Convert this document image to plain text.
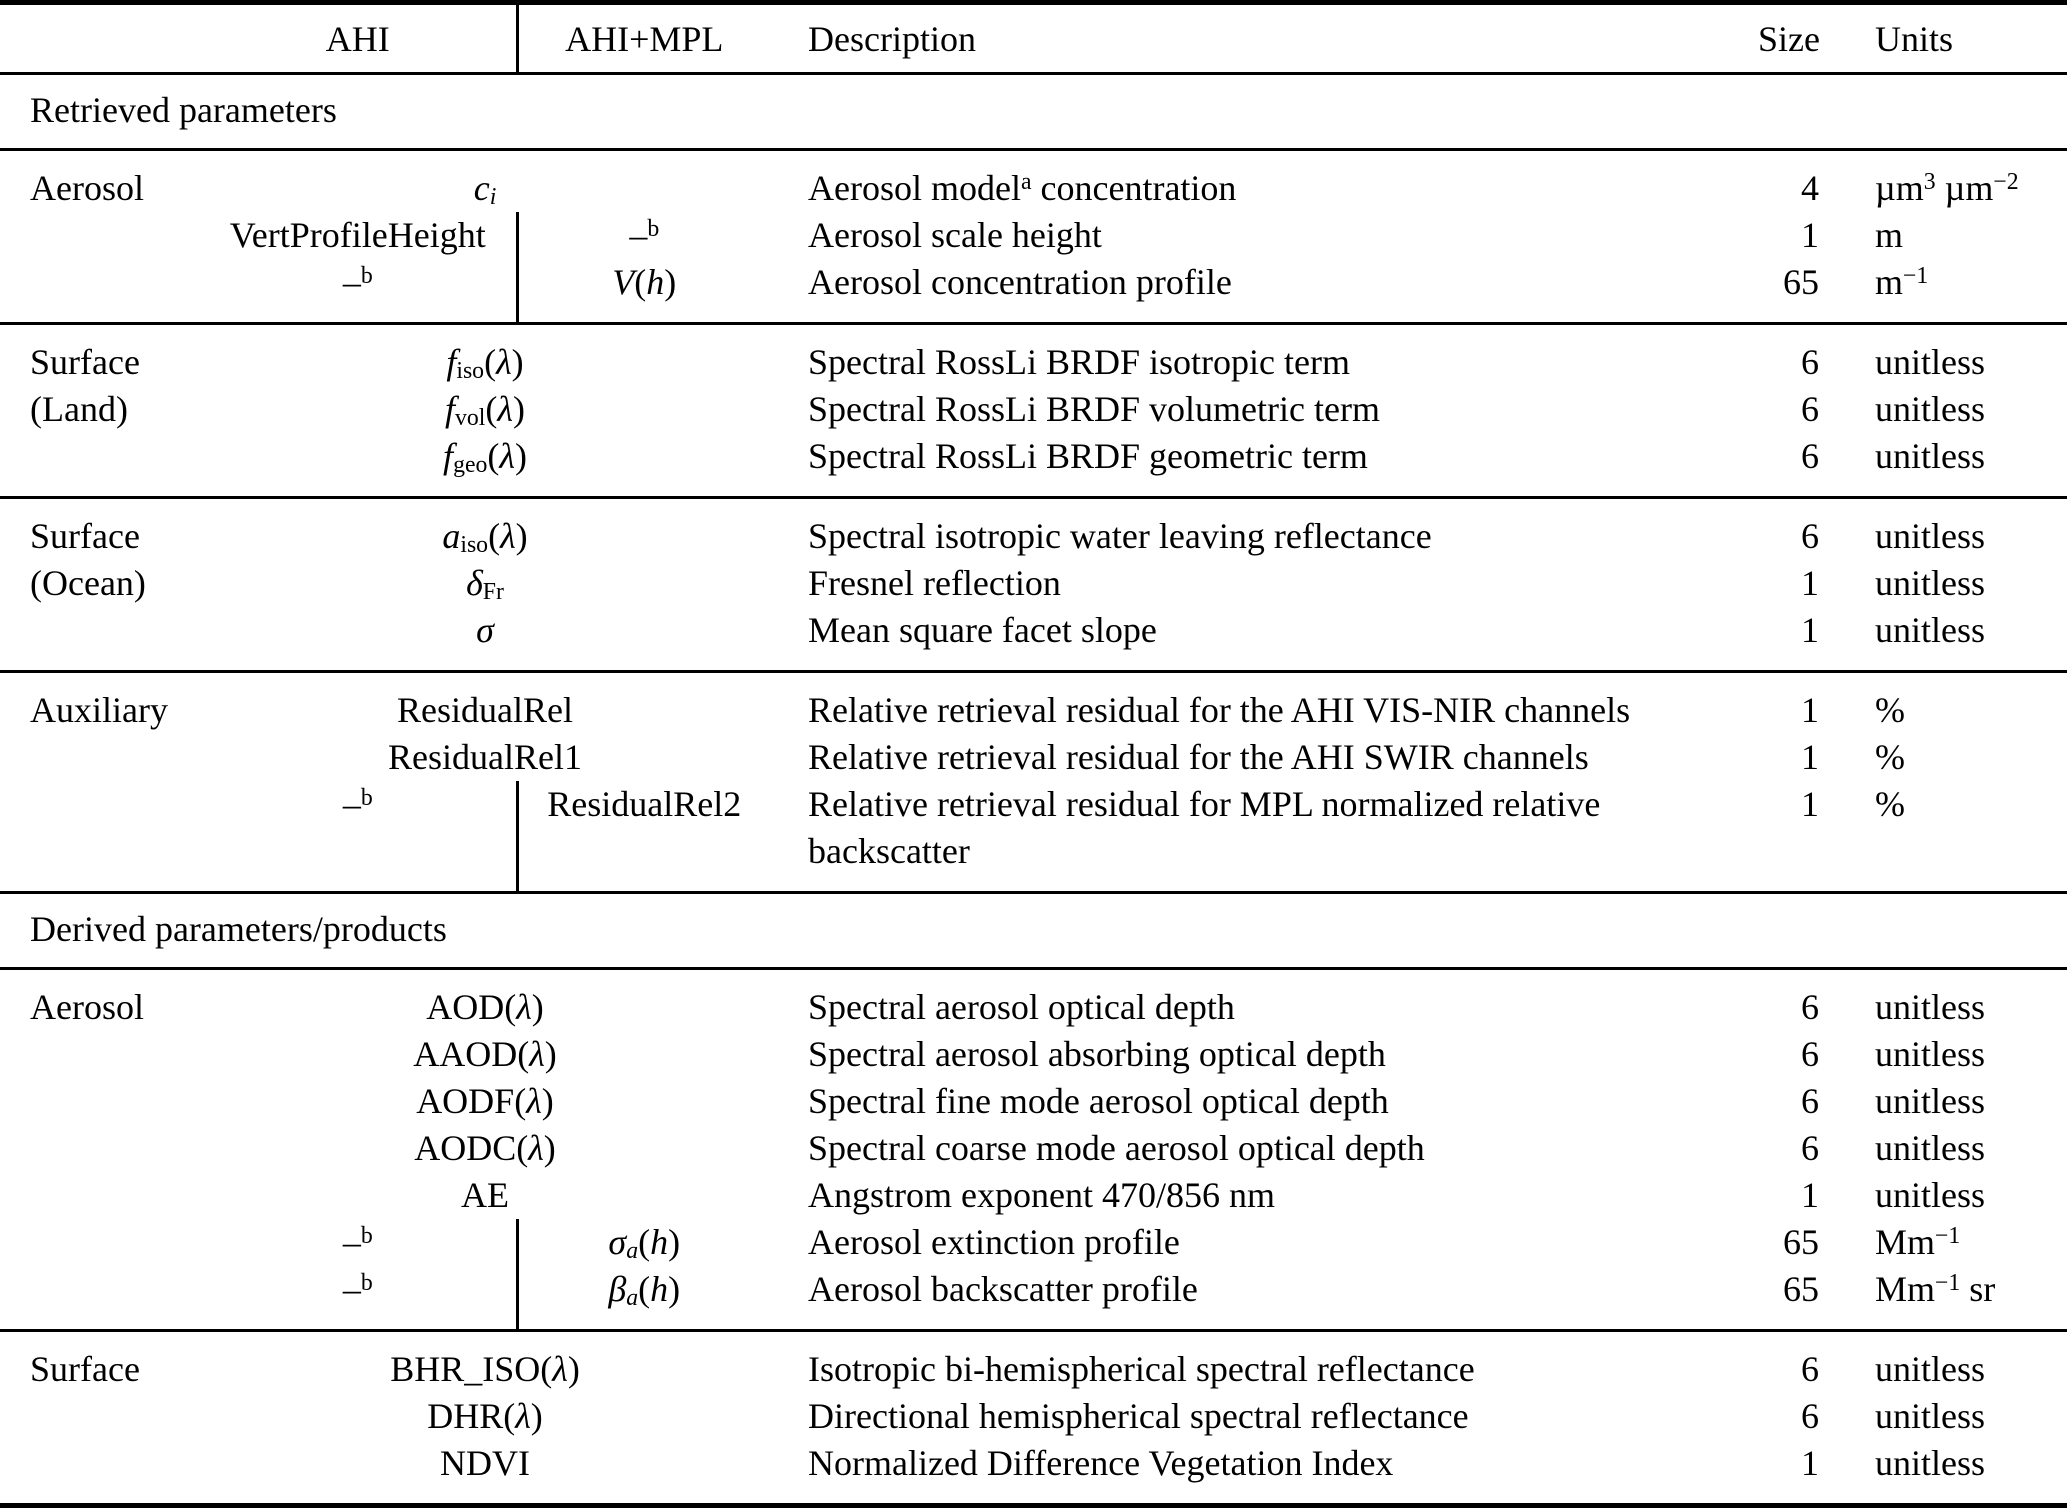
	AHI	AHI+MPL	Description	Size	Units
Retrieved parameters					

Aerosol	$c_i$		Aerosol model$^a$ concentration	4	µm$^3$ µm$^{-2}$
	VertProfileHeight	–$^b$	Aerosol scale height	1	m
	–$^b$	V(h)	Aerosol concentration profile	65	$m^{-1}$

Surface
(Land)	$f_{iso}(\lambda)$		Spectral RossLi BRDF isotropic term	6	unitless
	$f_{vol}(\lambda)$		Spectral RossLi BRDF volumetric term	6	unitless
	$f_{geo}(\lambda)$		Spectral RossLi BRDF geometric term	6	unitless

Surface
(Ocean)	$a_{iso}(\lambda)$		Spectral isotropic water leaving reflectance	6	unitless
	$\delta_{Fr}$		Fresnel reflection	1	unitless
	σ		Mean square facet slope	1	unitless

Auxiliary	ResidualRel		Relative retrieval residual for the AHI VIS-NIR channels	1	%
	ResidualRel1		Relative retrieval residual for the AHI SWIR channels	1	%
	–$^b$	ResidualRel2	Relative retrieval residual for MPL normalized relative backscatter	1	%
Derived parameters/products					

Aerosol	AOD(λ)		Spectral aerosol optical depth	6	unitless
	AAOD(λ)		Spectral aerosol absorbing optical depth	6	unitless
	AODF(λ)		Spectral fine mode aerosol optical depth	6	unitless
	AODC(λ)		Spectral coarse mode aerosol optical depth	6	unitless
	AE		Angstrom exponent 470/856 nm	1	unitless
	–$^b$	$\sigma_a(h)$	Aerosol extinction profile	65	$Mm^{-1}$
	–$^b$	$\beta_a(h)$	Aerosol backscatter profile	65	$Mm^{-1}$ sr

Surface	BHR_ISO(λ)		Isotropic bi-hemispherical spectral reflectance	6	unitless
	DHR(λ)		Directional hemispherical spectral reflectance	6	unitless
	NDVI		Normalized Difference Vegetation Index	1	unitless
